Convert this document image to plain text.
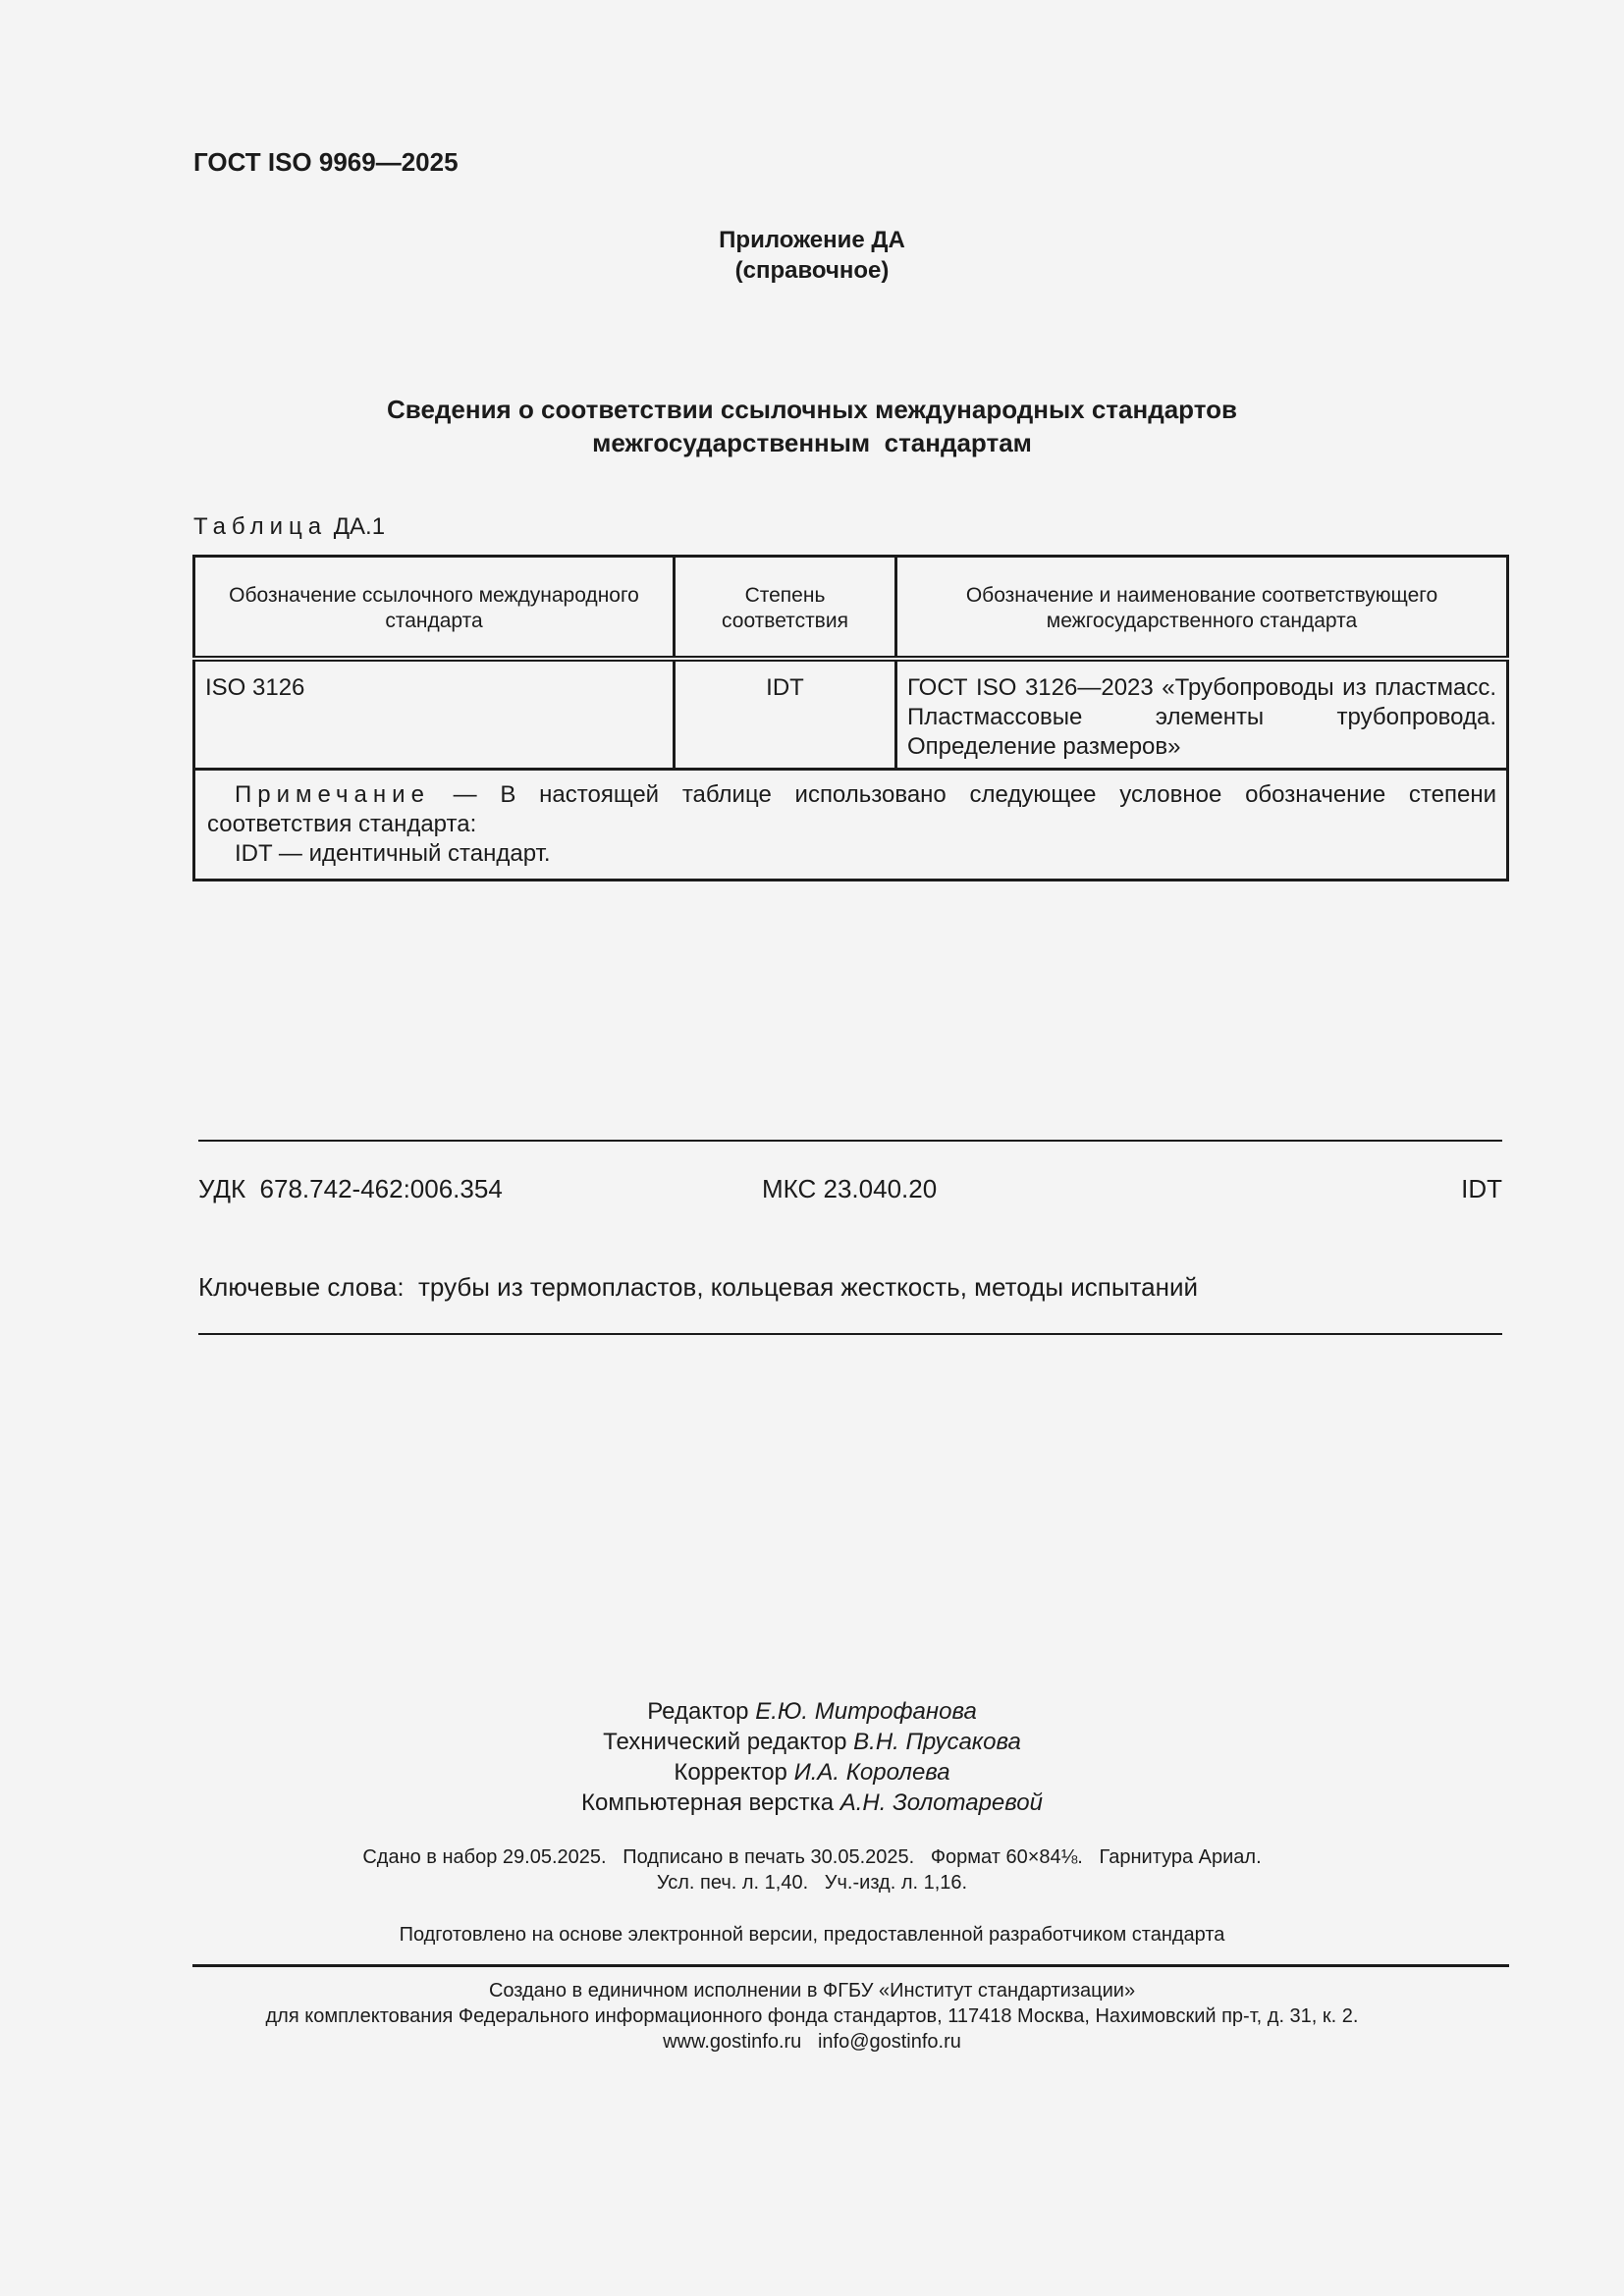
ГОСТ ISO 9969—2025
Приложение ДА
(справочное)
Сведения о соответствии ссылочных международных стандартов
межгосударственным  стандартам
Таблица ДА.1
Обозначение ссылочного международного стандарта	Степень соответствия	Обозначение и наименование соответствующего межгосударственного стандарта
ISO 3126	IDT	ГОСТ ISO 3126—2023 «Трубопроводы из пластмасс. Пластмассовые элементы трубопровода. Определение размеров»
Примечание — В настоящей таблице использовано следующее условное обозначение степени соответствия стандарта:
IDT — идентичный стандарт.		
УДК  678.742-462:006.354	МКС 23.040.20	IDT
Ключевые слова:  трубы из термопластов, кольцевая жесткость, методы испытаний
Редактор Е.Ю. Митрофанова
Технический редактор В.Н. Прусакова
Корректор И.А. Королева
Компьютерная верстка А.Н. Золотаревой
Сдано в набор 29.05.2025.   Подписано в печать 30.05.2025.   Формат 60×84⅛.   Гарнитура Ариал.
Усл. печ. л. 1,40.   Уч.-изд. л. 1,16.
Подготовлено на основе электронной версии, предоставленной разработчиком стандарта
Создано в единичном исполнении в ФГБУ «Институт стандартизации»
для комплектования Федерального информационного фонда стандартов, 117418 Москва, Нахимовский пр-т, д. 31, к. 2.
www.gostinfo.ru   info@gostinfo.ru
